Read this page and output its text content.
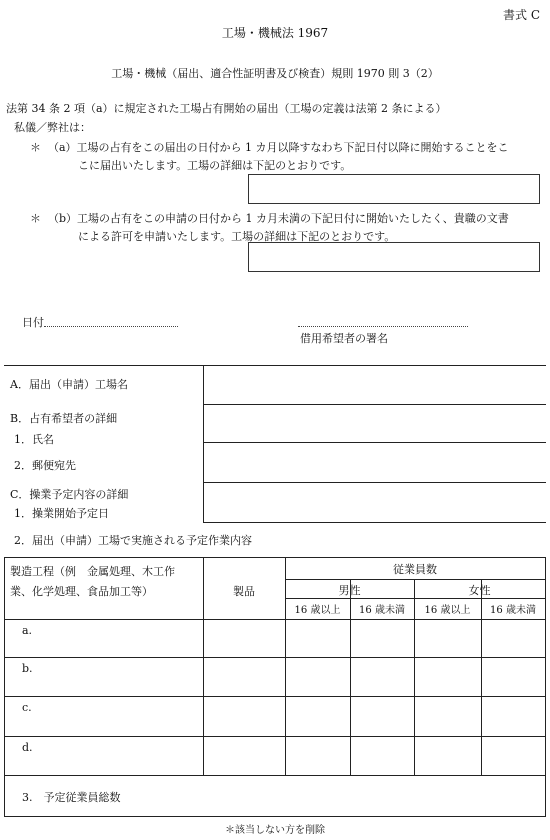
書式 C
工場・機械法 1967
工場・機械（届出、適合性証明書及び検査）規則 1970 則 3（2）
法第 34 条 2 項（a）に規定された工場占有開始の届出（工場の定義は法第 2 条による）
私儀／弊社は：
＊ （a）工場の占有をこの届出の日付から 1 カ月以降すなわち下記日付以降に開始することをこ
こに届出いたします。工場の詳細は下記のとおりです。
＊ （b）工場の占有をこの申請の日付から 1 カ月未満の下記日付に開始いたしたく、貴職の文書
による許可を申請いたします。工場の詳細は下記のとおりです。
日付
借用希望者の署名
A．届出（申請）工場名
B．占有希望者の詳細
1．氏名
2．郵便宛先
C．操業予定内容の詳細
1．操業開始予定日
2．届出（申請）工場で実施される予定作業内容
製造工程（例　金属処理、木工作
業、化学処理、食品加工等）	製品
従業員数
男性	女性
16 歳以上	16 歳未満	16 歳以上	16 歳未満
a.
b.
c.
d.
3.　予定従業員総数
＊該当しない方を削除
